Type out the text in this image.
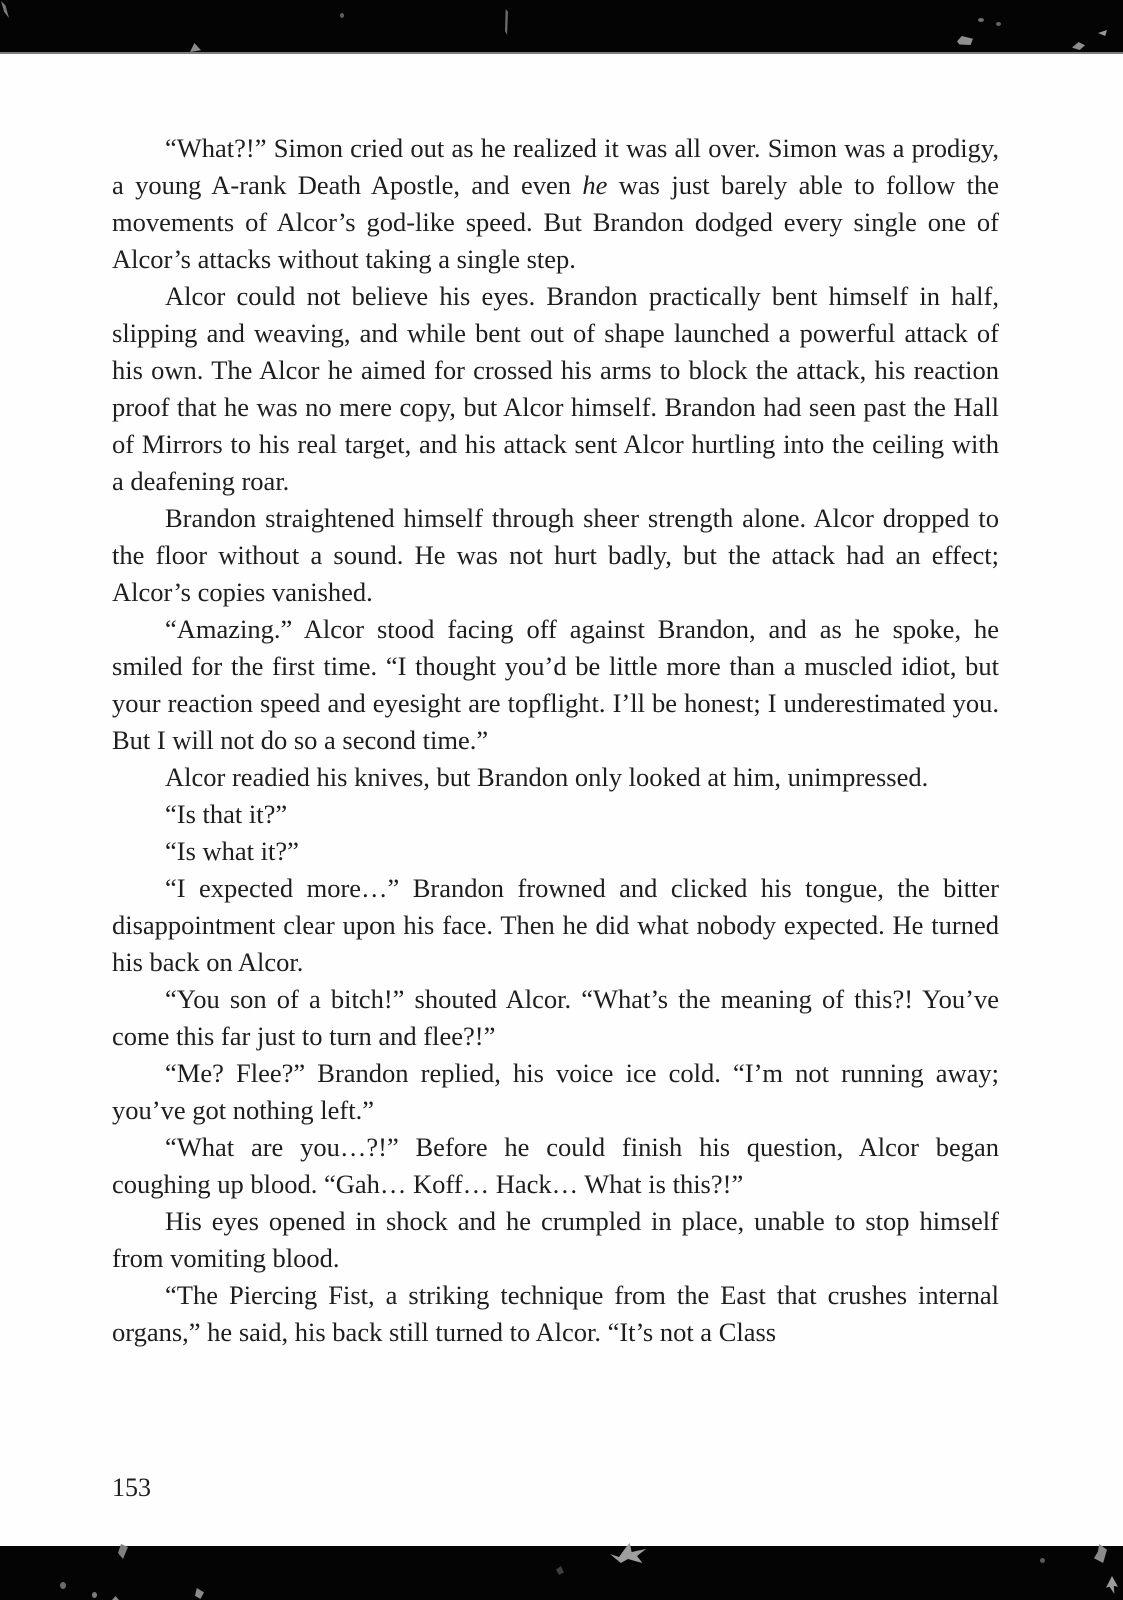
“What?!” Simon cried out as he realized it was all over. Simon was a prodigy, a young A-rank Death Apostle, and even he was just barely able to follow the movements of Alcor’s god-like speed. But Brandon dodged every single one of Alcor’s attacks without taking a single step.

Alcor could not believe his eyes. Brandon practically bent himself in half, slipping and weaving, and while bent out of shape launched a powerful attack of his own. The Alcor he aimed for crossed his arms to block the attack, his reaction proof that he was no mere copy, but Alcor himself. Brandon had seen past the Hall of Mirrors to his real target, and his attack sent Alcor hurtling into the ceiling with a deafening roar.

Brandon straightened himself through sheer strength alone. Alcor dropped to the floor without a sound. He was not hurt badly, but the attack had an effect; Alcor’s copies vanished.

“Amazing.” Alcor stood facing off against Brandon, and as he spoke, he smiled for the first time. “I thought you’d be little more than a muscled idiot, but your reaction speed and eyesight are topflight. I’ll be honest; I underestimated you. But I will not do so a second time.”

Alcor readied his knives, but Brandon only looked at him, unimpressed.

“Is that it?”

“Is what it?”

“I expected more…” Brandon frowned and clicked his tongue, the bitter disappointment clear upon his face. Then he did what nobody expected. He turned his back on Alcor.

“You son of a bitch!” shouted Alcor. “What’s the meaning of this?! You’ve come this far just to turn and flee?!”

“Me? Flee?” Brandon replied, his voice ice cold. “I’m not running away; you’ve got nothing left.”

“What are you…?!” Before he could finish his question, Alcor began coughing up blood. “Gah… Koff… Hack… What is this?!”

His eyes opened in shock and he crumpled in place, unable to stop himself from vomiting blood.

“The Piercing Fist, a striking technique from the East that crushes internal organs,” he said, his back still turned to Alcor. “It’s not a Class

153
